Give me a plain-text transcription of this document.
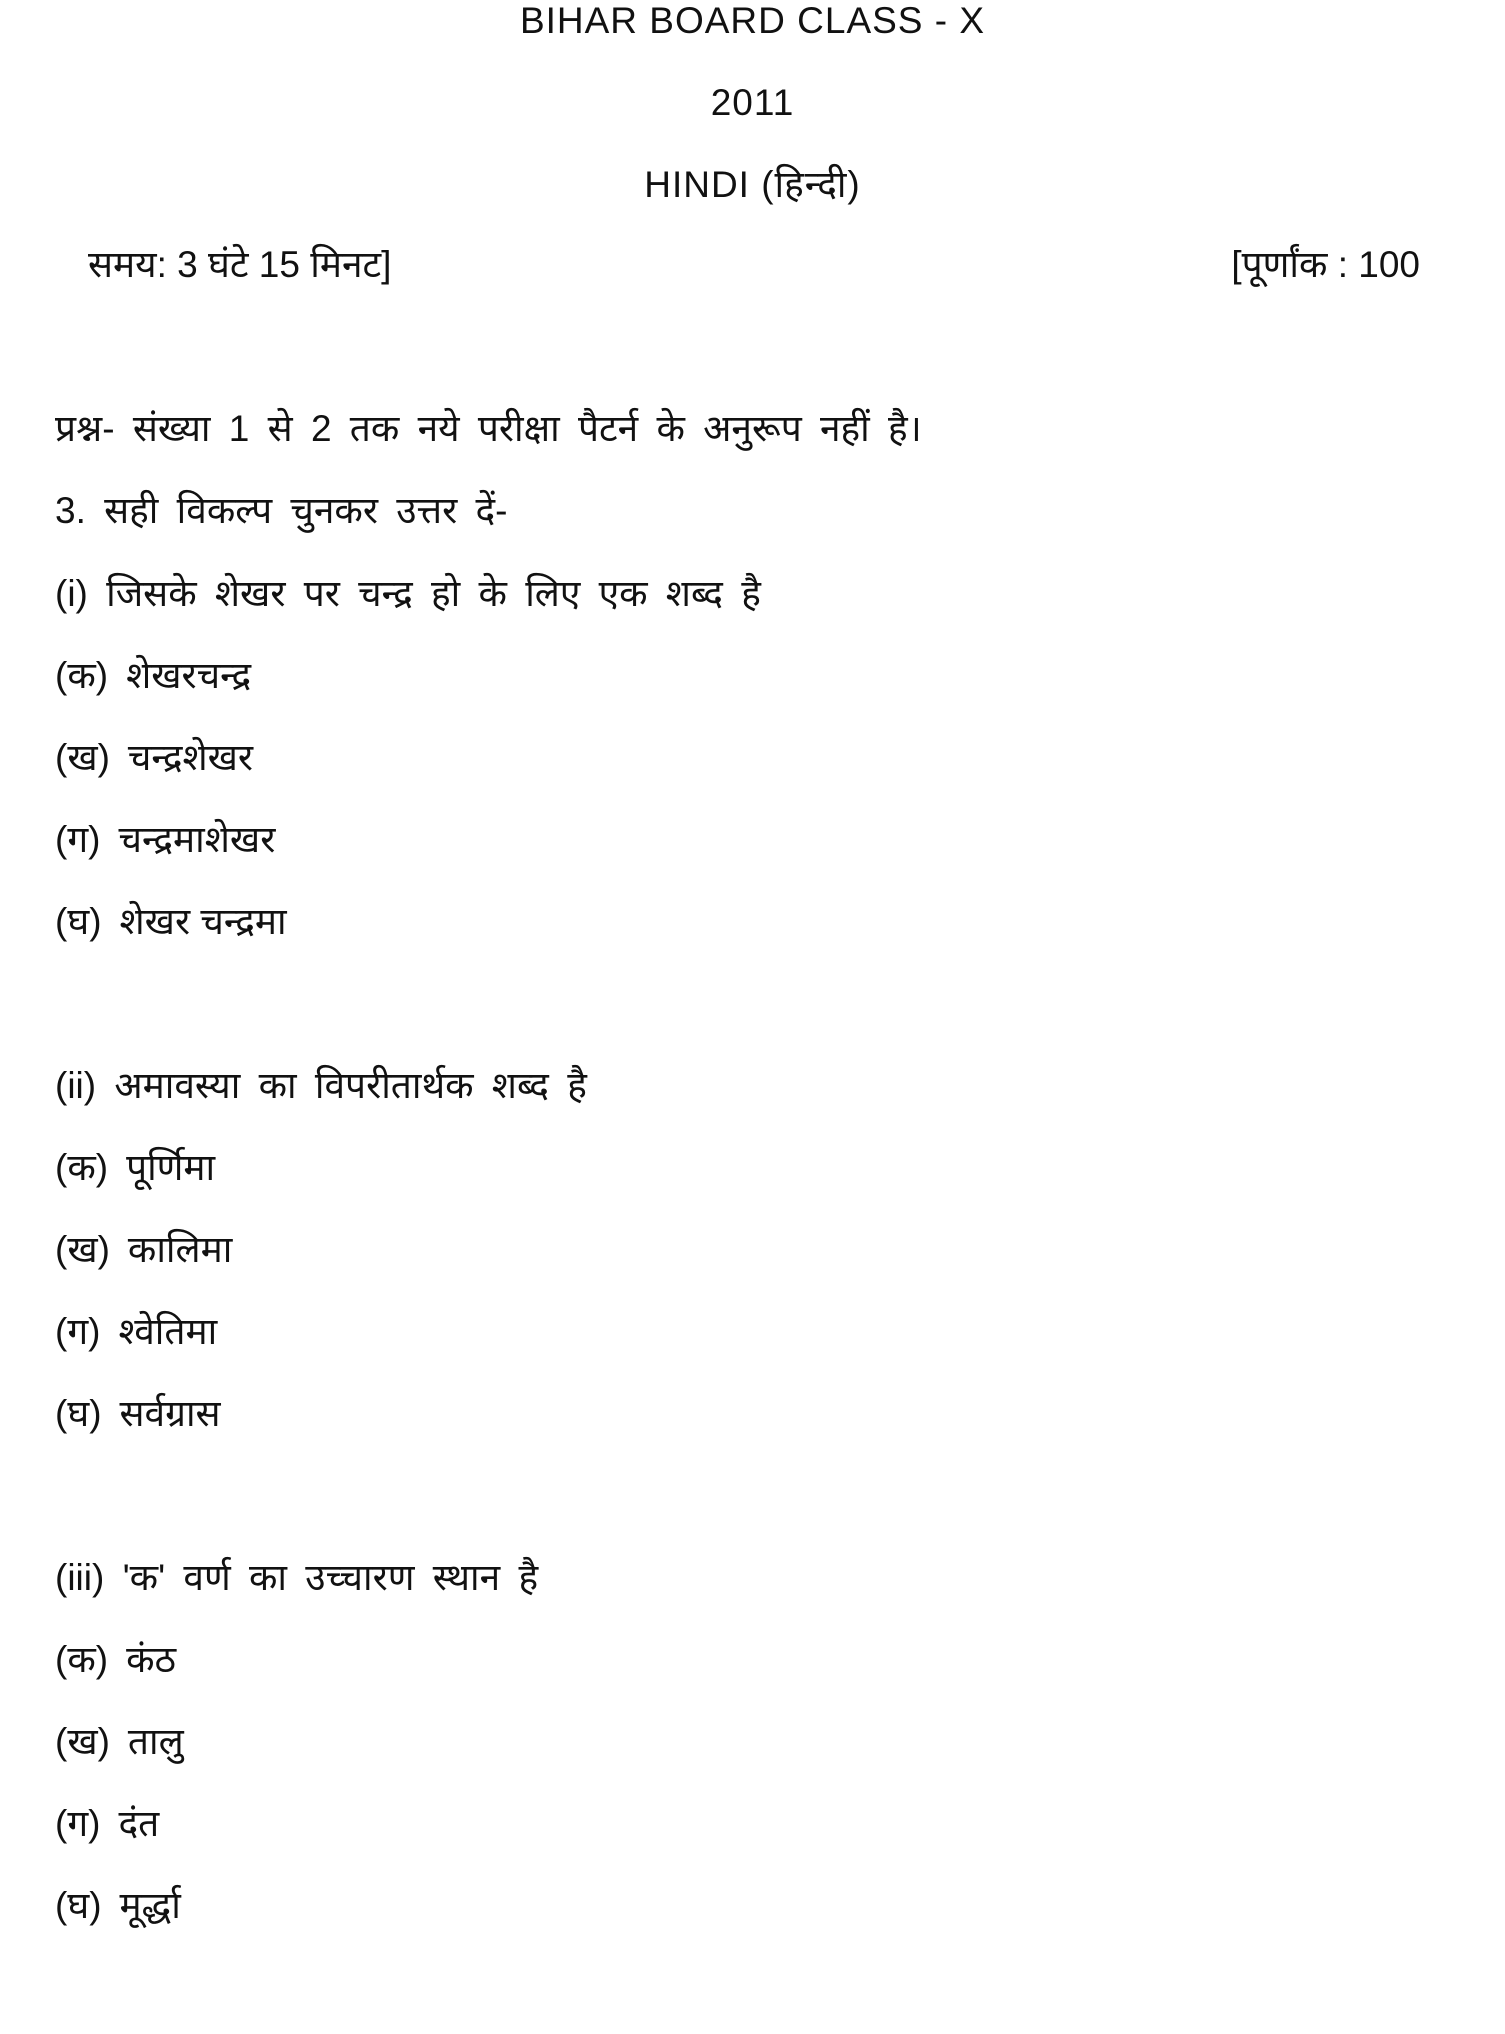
BIHAR BOARD CLASS - X
2011
HINDI (हिन्दी)
समय: 3 घंटे 15 मिनट]	[पूर्णांक : 100
प्रश्न- संख्या 1 से 2 तक नये परीक्षा पैटर्न के अनुरूप नहीं है।
3. सही विकल्प चुनकर उत्तर दें-
(i) जिसके शेखर पर चन्द्र हो के लिए एक शब्द है
(क) शेखरचन्द्र
(ख) चन्द्रशेखर
(ग) चन्द्रमाशेखर
(घ) शेखर चन्द्रमा
(ii) अमावस्या का विपरीतार्थक शब्द है
(क) पूर्णिमा
(ख) कालिमा
(ग) श्वेतिमा
(घ) सर्वग्रास
(iii) 'क' वर्ण का उच्चारण स्थान है
(क) कंठ
(ख) तालु
(ग) दंत
(घ) मूर्द्धा
